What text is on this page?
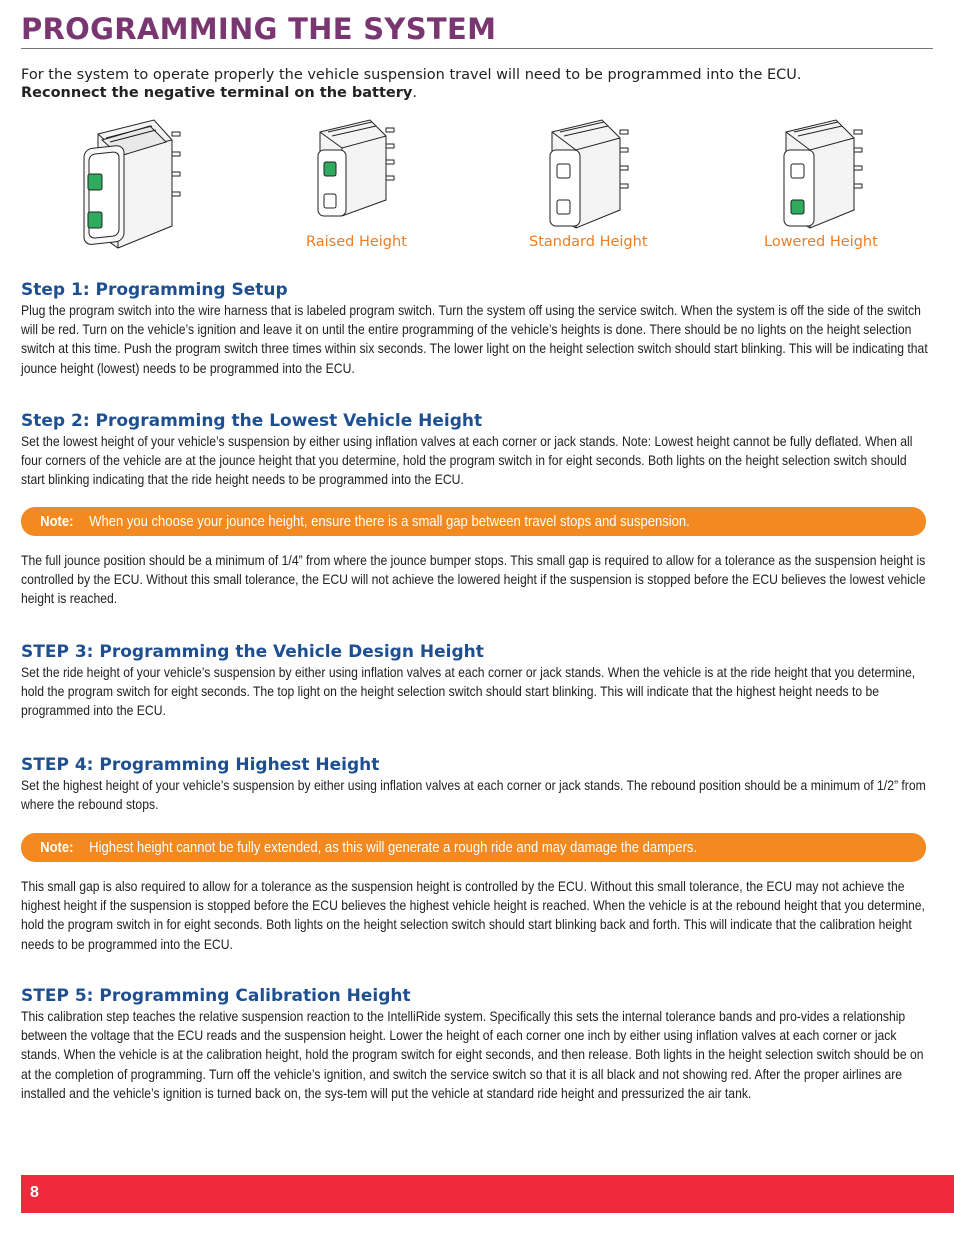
PROGRAMMING THE SYSTEM
For the system to operate properly the vehicle suspension travel will need to be programmed into the ECU.
Reconnect the negative terminal on the battery.
Raised Height	Standard Height	Lowered Height
Step 1: Programming Setup
Plug the program switch into the wire harness that is labeled program switch. Turn the system off using the service switch. When the system is off the side of the switch will be red. Turn on the vehicle’s ignition and leave it on until the entire programming of the vehicle’s heights is done. There should be no lights on the height selection switch at this time. Push the program switch three times within six seconds. The lower light on the height selection switch should start blinking. This will be indicating that jounce height (lowest) needs to be programmed into the ECU.
Step 2: Programming the Lowest Vehicle Height
Set the lowest height of your vehicle’s suspension by either using inflation valves at each corner or jack stands. Note: Lowest height cannot be fully deflated. When all four corners of the vehicle are at the jounce height that you determine, hold the program switch in for eight seconds. Both lights on the height selection switch should start blinking indicating that the ride height needs to be programmed into the ECU.
Note: When you choose your jounce height, ensure there is a small gap between travel stops and suspension.
The full jounce position should be a minimum of 1/4” from where the jounce bumper stops. This small gap is required to allow for a tolerance as the suspension height is controlled by the ECU. Without this small tolerance, the ECU will not achieve the lowered height if the suspension is stopped before the ECU believes the lowest vehicle height is reached.
STEP 3: Programming the Vehicle Design Height
Set the ride height of your vehicle’s suspension by either using inflation valves at each corner or jack stands. When the vehicle is at the ride height that you determine, hold the program switch for eight seconds. The top light on the height selection switch should start blinking. This will indicate that the highest height needs to be programmed into the ECU.
STEP 4: Programming Highest Height
Set the highest height of your vehicle’s suspension by either using inflation valves at each corner or jack stands. The rebound position should be a minimum of 1/2” from where the rebound stops.
Note: Highest height cannot be fully extended, as this will generate a rough ride and may damage the dampers.
This small gap is also required to allow for a tolerance as the suspension height is controlled by the ECU. Without this small tolerance, the ECU may not achieve the highest height if the suspension is stopped before the ECU believes the highest vehicle height is reached. When the vehicle is at the rebound height that you determine, hold the program switch in for eight seconds. Both lights on the height selection switch should start blinking back and forth. This will indicate that the calibration height needs to be programmed into the ECU.
STEP 5: Programming Calibration Height
This calibration step teaches the relative suspension reaction to the IntelliRide system. Specifically this sets the internal tolerance bands and pro-vides a relationship between the voltage that the ECU reads and the suspension height. Lower the height of each corner one inch by either using inflation valves at each corner or jack stands. When the vehicle is at the calibration height, hold the program switch for eight seconds, and then release. Both lights in the height selection switch should be on at the completion of programming. Turn off the vehicle’s ignition, and switch the service switch so that it is all black and not showing red. After the proper airlines are installed and the vehicle’s ignition is turned back on, the sys-tem will put the vehicle at standard ride height and pressurized the air tank.
8
